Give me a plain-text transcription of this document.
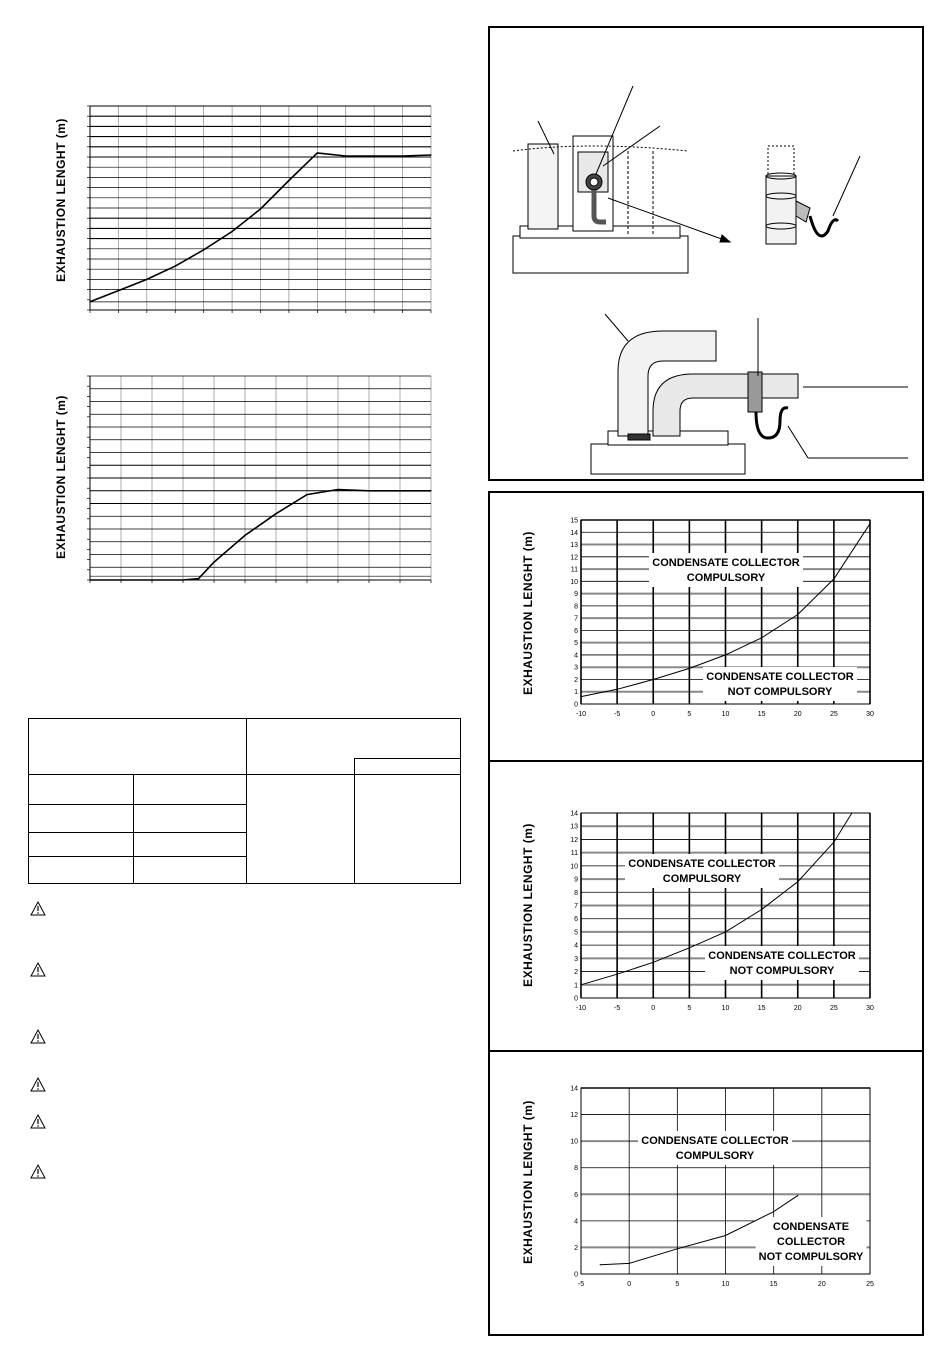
EXHAUSTION LENGHT (m)
EXHAUSTION LENGHT (m)

EXHAUSTION LENGHT (m)
EXHAUSTION LENGHT (m)
EXHAUSTION LENGHT (m)
0
1
2
3
4
5
6
7
8
9
10
11
12
13
14
15
-10	-5	0	5	10	15	20	25	30
CONDENSATE COLLECTOR
COMPULSORY
CONDENSATE COLLECTOR
NOT COMPULSORY
0
1
2
3
4
5
6
7
8
9
10
11
12
13
14
-10	-5	0	5	10	15	20	25	30
CONDENSATE COLLECTOR
COMPULSORY
CONDENSATE COLLECTOR
NOT COMPULSORY
0
2
4
6
8
10
12
14
-5	0	5	10	15	20	25
CONDENSATE COLLECTOR
COMPULSORY
CONDENSATE
COLLECTOR
NOT COMPULSORY
